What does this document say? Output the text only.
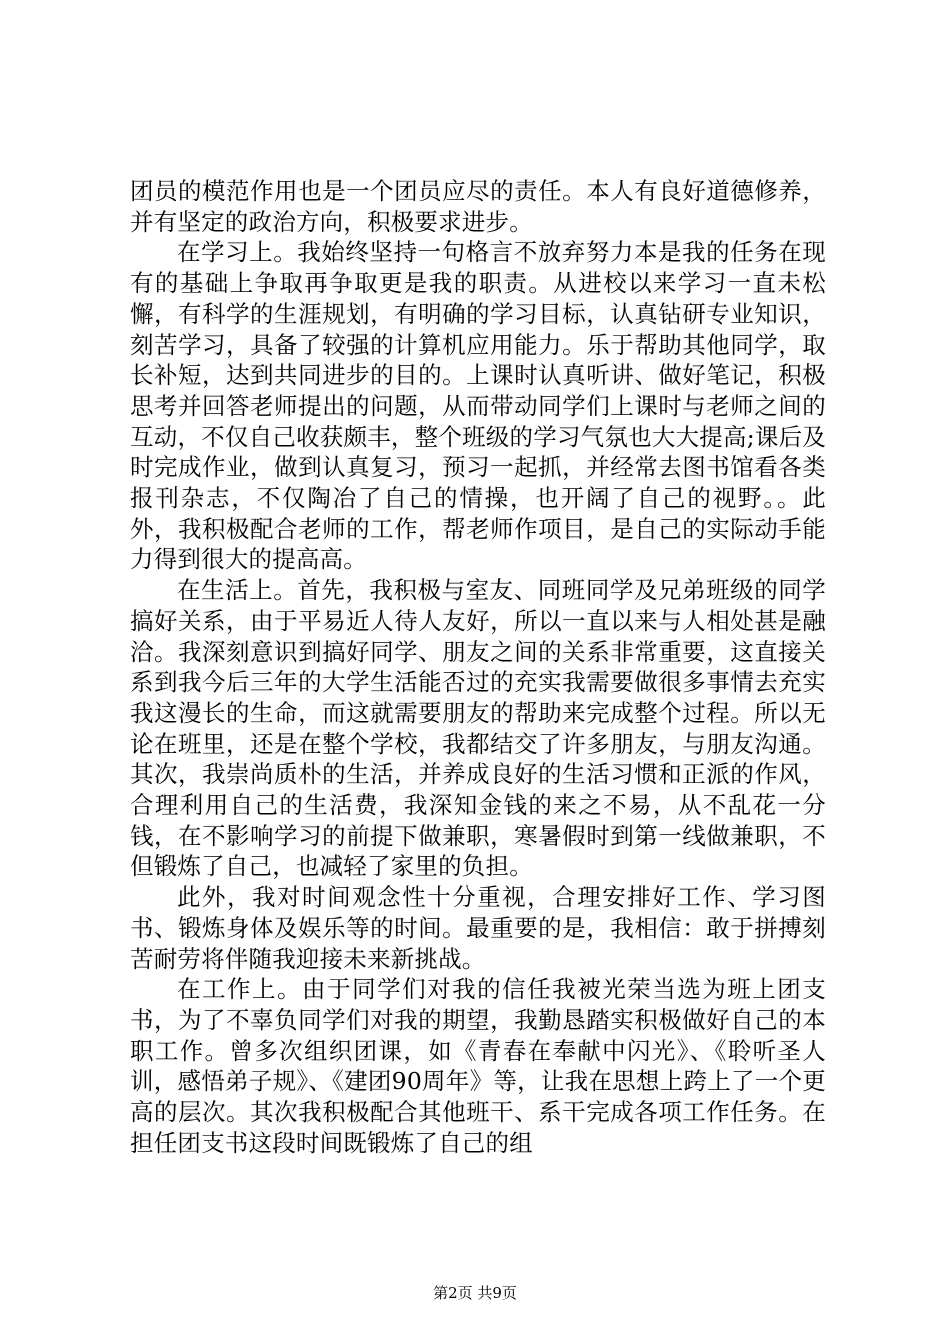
团员的模范作用也是一个团员应尽的责任。本人有良好道德修养，并有坚定的政治方向，积极要求进步。

在学习上。我始终坚持一句格言不放弃努力本是我的任务在现有的基础上争取再争取更是我的职责。从进校以来学习一直未松懈，有科学的生涯规划，有明确的学习目标，认真钻研专业知识，刻苦学习，具备了较强的计算机应用能力。乐于帮助其他同学，取长补短，达到共同进步的目的。上课时认真听讲、做好笔记，积极思考并回答老师提出的问题，从而带动同学们上课时与老师之间的互动，不仅自己收获颇丰，整个班级的学习气氛也大大提高;课后及时完成作业，做到认真复习，预习一起抓，并经常去图书馆看各类报刊杂志，不仅陶冶了自己的情操，也开阔了自己的视野。。此外，我积极配合老师的工作，帮老师作项目，是自己的实际动手能力得到很大的提高高。

在生活上。首先，我积极与室友、同班同学及兄弟班级的同学搞好关系，由于平易近人待人友好，所以一直以来与人相处甚是融洽。我深刻意识到搞好同学、朋友之间的关系非常重要，这直接关系到我今后三年的大学生活能否过的充实我需要做很多事情去充实我这漫长的生命，而这就需要朋友的帮助来完成整个过程。所以无论在班里，还是在整个学校，我都结交了许多朋友，与朋友沟通。其次，我崇尚质朴的生活，并养成良好的生活习惯和正派的作风，合理利用自己的生活费，我深知金钱的来之不易，从不乱花一分钱，在不影响学习的前提下做兼职，寒暑假时到第一线做兼职，不但锻炼了自己，也减轻了家里的负担。

此外，我对时间观念性十分重视，合理安排好工作、学习图书、锻炼身体及娱乐等的时间。最重要的是，我相信：敢于拼搏刻苦耐劳将伴随我迎接未来新挑战。

在工作上。由于同学们对我的信任我被光荣当选为班上团支书，为了不辜负同学们对我的期望，我勤恳踏实积极做好自己的本职工作。曾多次组织团课，如《青春在奉献中闪光》、《聆听圣人训，感悟弟子规》、《建团90周年》等，让我在思想上跨上了一个更高的层次。其次我积极配合其他班干、系干完成各项工作任务。在担任团支书这段时间既锻炼了自己的组

第2页 共9页
